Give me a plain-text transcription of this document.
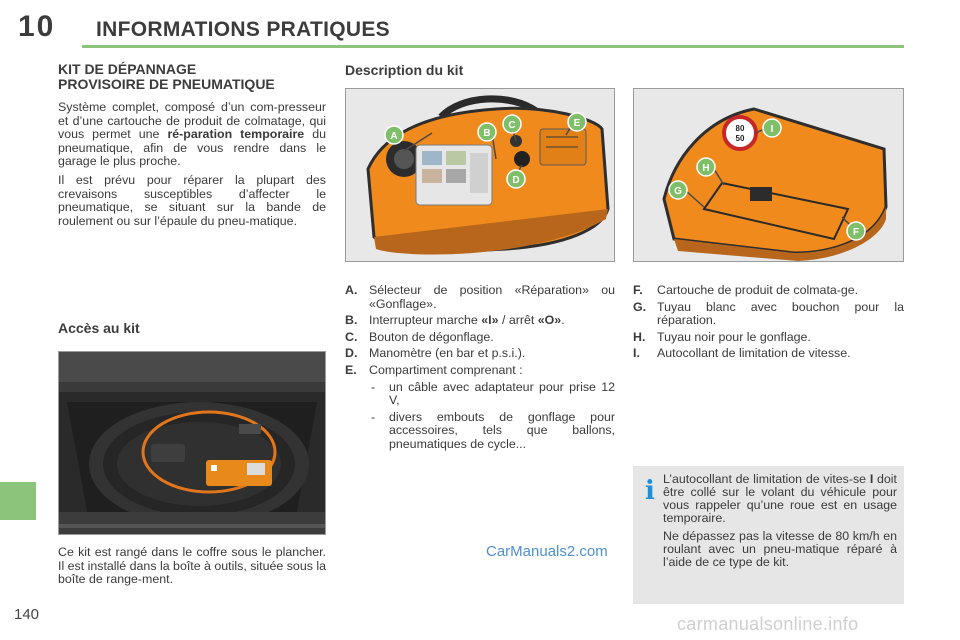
10 INFORMATIONS PRATIQUES
140
KIT DE DÉPANNAGE
PROVISOIRE DE PNEUMATIQUE

Système complet, composé d’un com-presseur et d’une cartouche de produit de colmatage, qui vous permet une ré-paration temporaire du pneumatique, afin de vous rendre dans le garage le plus proche.

Il est prévu pour réparer la plupart des crevaisons susceptibles d’affecter le pneumatique, se situant sur la bande de roulement ou sur l’épaule du pneu-matique.

Accès au kit

Ce kit est rangé dans le coffre sous le plancher. Il est installé dans la boîte à outils, située sous la boîte de range-ment.

Description du kit
A	B
C
D
E	80
50
I
H
G
F
A. Sélecteur de position «Réparation» ou «Gonflage».
B. Interrupteur marche «I» / arrêt «O».
C. Bouton de dégonflage.
D. Manomètre (en bar et p.s.i.).
E. Compartiment comprenant :
-	un câble avec adaptateur pour prise 12 V,
-	divers embouts de gonflage pour accessoires, tels que ballons, pneumatiques de cycle...
F.	Cartouche de produit de colmata-ge.
G. Tuyau blanc avec bouchon pour la réparation.
H. Tuyau noir pour le gonflage.
I.	Autocollant de limitation de vitesse.
i L’autocollant de limitation de vites-se I doit être collé sur le volant du véhicule pour vous rappeler qu’une roue est en usage temporaire.

Ne dépassez pas la vitesse de 80 km/h en roulant avec un pneu-matique réparé à l’aide de ce type de kit.

CarManuals2.com
carmanualsonline.info
